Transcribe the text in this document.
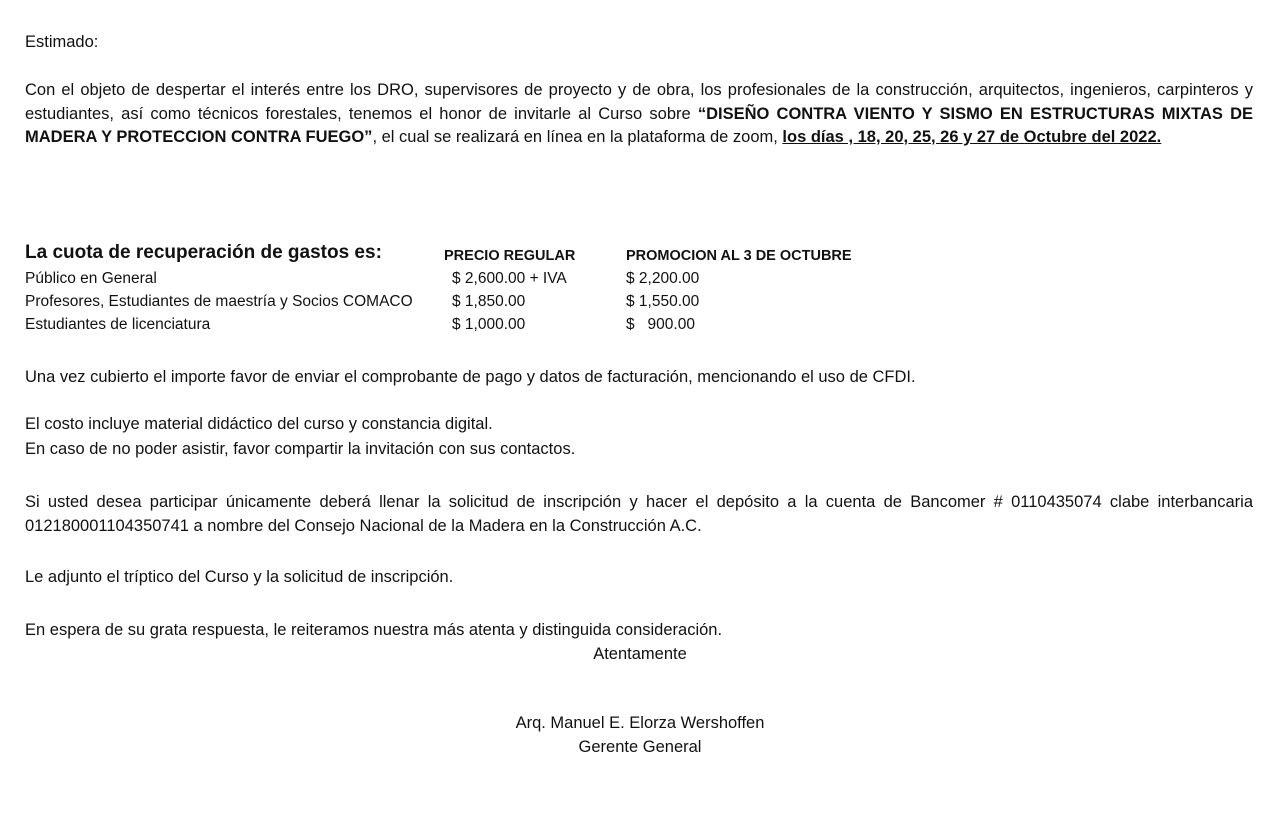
Estimado:
Con el objeto de despertar el interés entre los DRO, supervisores de proyecto y de obra, los profesionales de la construcción, arquitectos, ingenieros, carpinteros y estudiantes, así como técnicos forestales, tenemos el honor de invitarle al Curso sobre “DISEÑO CONTRA VIENTO Y SISMO EN ESTRUCTURAS MIXTAS DE MADERA Y PROTECCION CONTRA FUEGO”, el cual se realizará en línea en la plataforma de zoom, los días , 18, 20, 25, 26 y 27 de Octubre del 2022.
La cuota de recuperación de gastos es:	PRECIO REGULAR	PROMOCION AL 3 DE OCTUBRE
Público en General	$ 2,600.00 + IVA	$ 2,200.00
Profesores, Estudiantes de maestría y Socios COMACO	$ 1,850.00	$ 1,550.00
Estudiantes de licenciatura	$ 1,000.00	$   900.00
Una vez cubierto el importe favor de enviar el comprobante de pago y datos de facturación, mencionando el uso de CFDI.
El costo incluye material didáctico del curso y constancia digital.
En caso de no poder asistir, favor compartir la invitación con sus contactos.
Si usted desea participar únicamente deberá llenar la solicitud de inscripción y hacer el depósito a la cuenta de Bancomer # 0110435074 clabe interbancaria 012180001104350741 a nombre del Consejo Nacional de la Madera en la Construcción A.C.
Le adjunto el tríptico del Curso y la solicitud de inscripción.
En espera de su grata respuesta, le reiteramos nuestra más atenta y distinguida consideración.
Atentamente
Arq. Manuel E. Elorza Wershoffen
Gerente General
